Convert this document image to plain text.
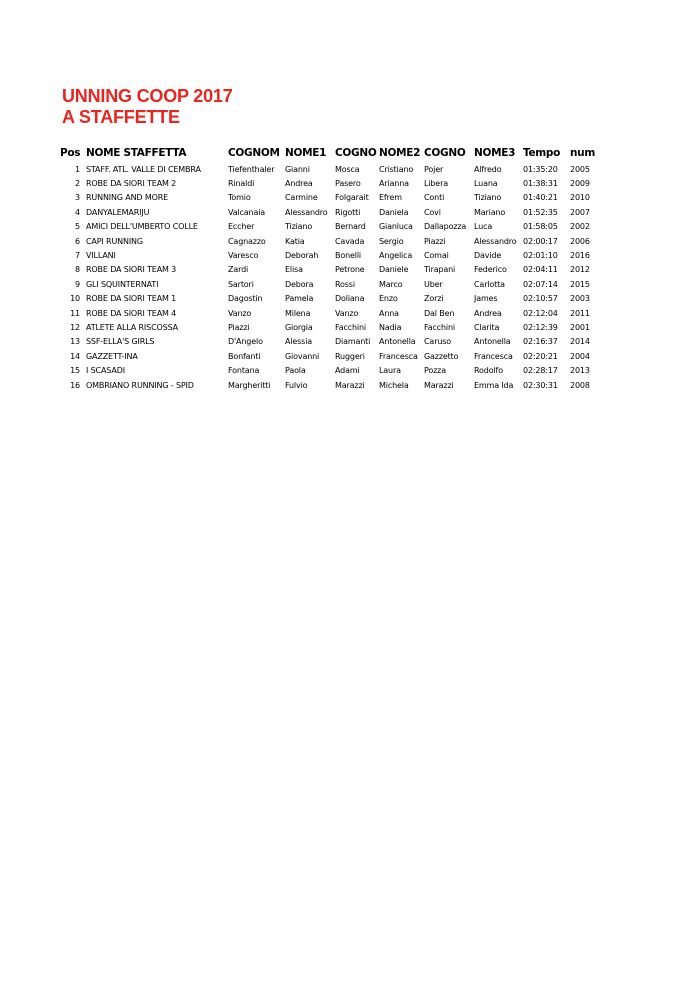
UNNING COOP 2017
A STAFFETTE
Pos	NOME STAFFETTA	COGNOM	NOME1	COGNO	NOME2	COGNO	NOME3	Tempo	num
1	STAFF. ATL. VALLE DI CEMBRA	Tiefenthaler	Gianni	Mosca	Cristiano	Pojer	Alfredo	01:35:20	2005
2	ROBE DA SIORI TEAM 2	Rinaldi	Andrea	Pasero	Arianna	Libera	Luana	01:38:31	2009
3	RUNNING AND MORE	Tomio	Carmine	Folgarait	Efrem	Conti	Tiziano	01:40:21	2010
4	DANYALEMARIJU	Valcanaia	Alessandro	Rigotti	Daniela	Covi	Mariano	01:52:35	2007
5	AMICI DELL'UMBERTO COLLE	Eccher	Tiziano	Bernard	Gianluca	Dallapozza	Luca	01:58:05	2002
6	CAPI RUNNING	Cagnazzo	Katia	Cavada	Sergio	Piazzi	Alessandro	02:00:17	2006
7	VILLANI	Varesco	Deborah	Bonelli	Angelica	Comai	Davide	02:01:10	2016
8	ROBE DA SIORI TEAM 3	Zardi	Elisa	Petrone	Daniele	Tirapani	Federico	02:04:11	2012
9	GLI SQUINTERNATI	Sartori	Debora	Rossi	Marco	Uber	Carlotta	02:07:14	2015
10	ROBE DA SIORI TEAM 1	Dagostin	Pamela	Doliana	Enzo	Zorzi	James	02:10:57	2003
11	ROBE DA SIORI TEAM 4	Vanzo	Milena	Vanzo	Anna	Dal Ben	Andrea	02:12:04	2011
12	ATLETE ALLA RISCOSSA	Piazzi	Giorgia	Facchini	Nadia	Facchini	Clarita	02:12:39	2001
13	SSF-ELLA'S GIRLS	D'Angelo	Alessia	Diamanti	Antonella	Caruso	Antonella	02:16:37	2014
14	GAZZETT-INA	Bonfanti	Giovanni	Ruggeri	Francesca	Gazzetto	Francesca	02:20:21	2004
15	I SCASADI	Fontana	Paola	Adami	Laura	Pozza	Rodolfo	02:28:17	2013
16	OMBRIANO RUNNING - SPID	Margheritti	Fulvio	Marazzi	Michela	Marazzi	Emma Ida	02:30:31	2008
